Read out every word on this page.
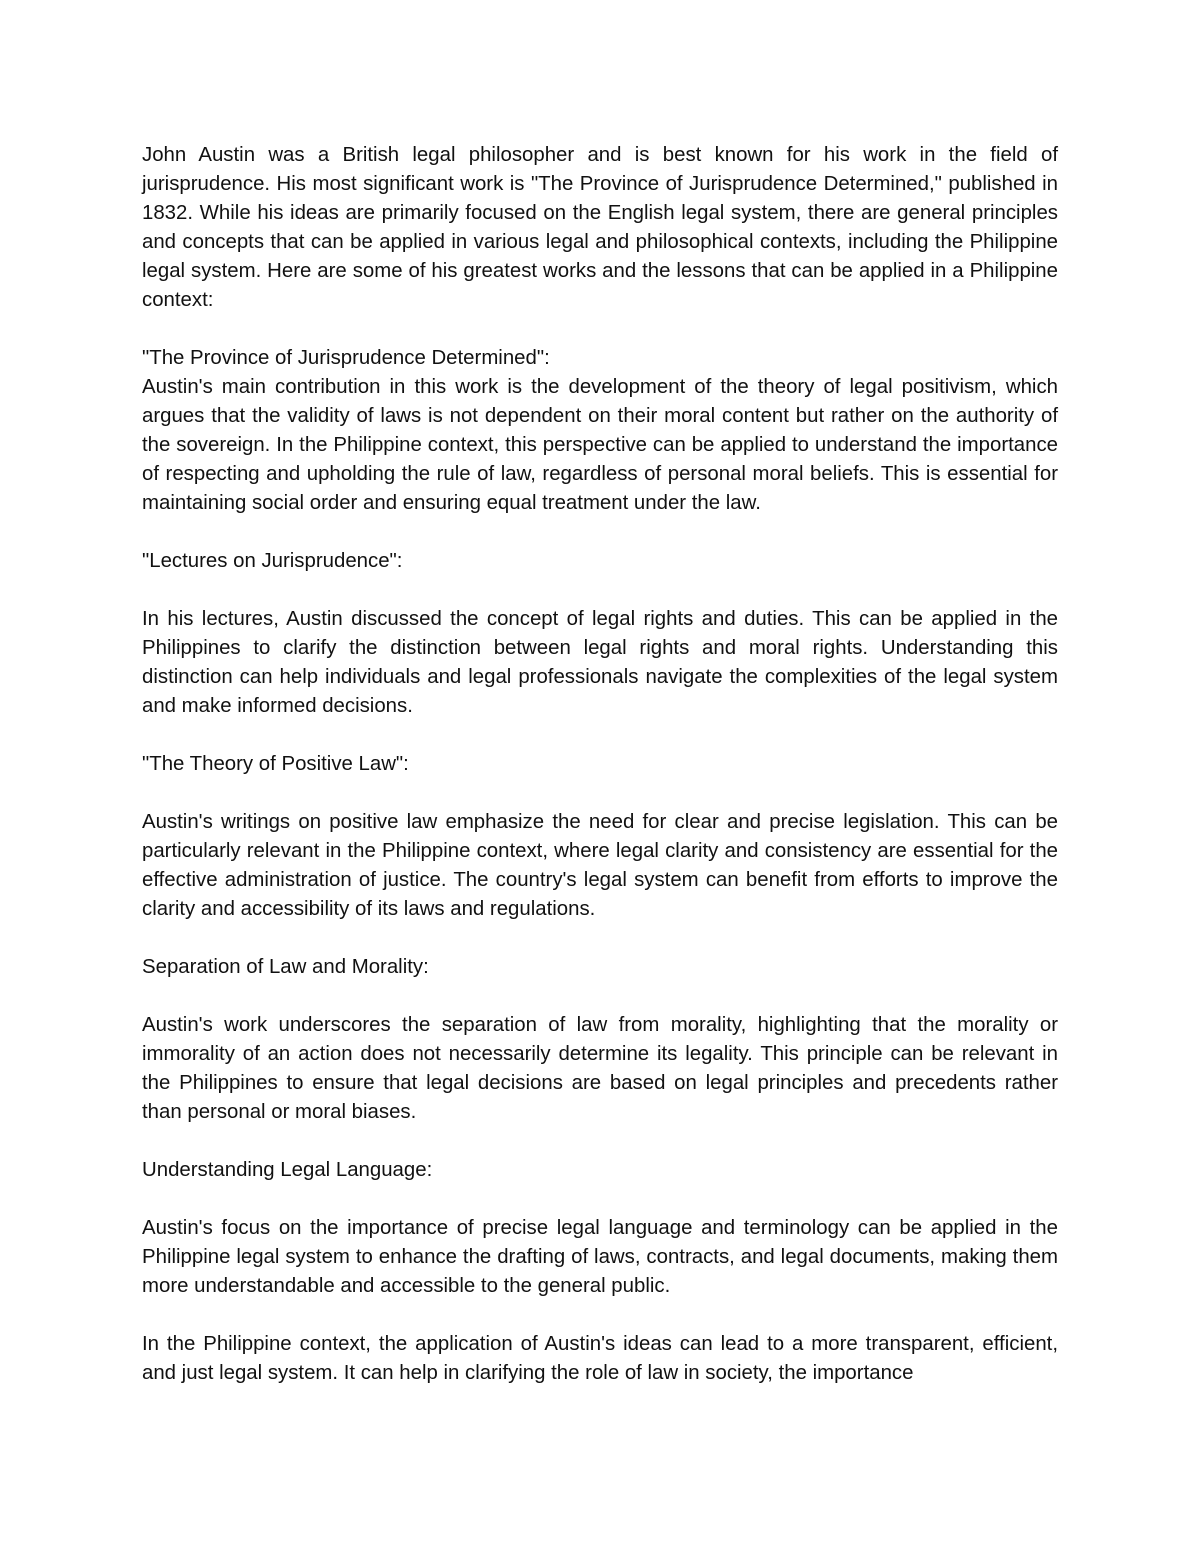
John Austin was a British legal philosopher and is best known for his work in the field of jurisprudence. His most significant work is "The Province of Jurisprudence Determined," published in 1832. While his ideas are primarily focused on the English legal system, there are general principles and concepts that can be applied in various legal and philosophical contexts, including the Philippine legal system. Here are some of his greatest works and the lessons that can be applied in a Philippine context:

"The Province of Jurisprudence Determined":

Austin's main contribution in this work is the development of the theory of legal positivism, which argues that the validity of laws is not dependent on their moral content but rather on the authority of the sovereign. In the Philippine context, this perspective can be applied to understand the importance of respecting and upholding the rule of law, regardless of personal moral beliefs. This is essential for maintaining social order and ensuring equal treatment under the law.

"Lectures on Jurisprudence":

In his lectures, Austin discussed the concept of legal rights and duties. This can be applied in the Philippines to clarify the distinction between legal rights and moral rights. Understanding this distinction can help individuals and legal professionals navigate the complexities of the legal system and make informed decisions.

"The Theory of Positive Law":

Austin's writings on positive law emphasize the need for clear and precise legislation. This can be particularly relevant in the Philippine context, where legal clarity and consistency are essential for the effective administration of justice. The country's legal system can benefit from efforts to improve the clarity and accessibility of its laws and regulations.

Separation of Law and Morality:

Austin's work underscores the separation of law from morality, highlighting that the morality or immorality of an action does not necessarily determine its legality. This principle can be relevant in the Philippines to ensure that legal decisions are based on legal principles and precedents rather than personal or moral biases.

Understanding Legal Language:

Austin's focus on the importance of precise legal language and terminology can be applied in the Philippine legal system to enhance the drafting of laws, contracts, and legal documents, making them more understandable and accessible to the general public.

In the Philippine context, the application of Austin's ideas can lead to a more transparent, efficient, and just legal system. It can help in clarifying the role of law in society, the importance
